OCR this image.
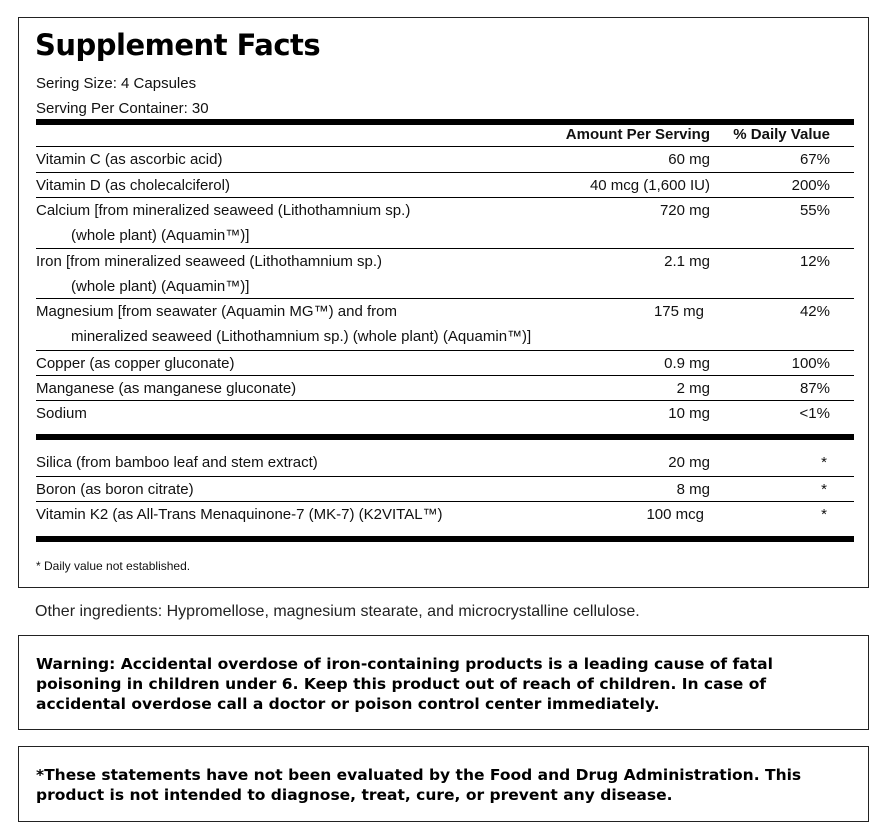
Supplement Facts
Sering Size: 4 Capsules
Serving Per Container: 30
Amount Per Serving % Daily Value
Vitamin C (as ascorbic acid)	60 mg	67%
Vitamin D (as cholecalciferol)	40 mcg (1,600 IU)	200%
Calcium [from mineralized seaweed (Lithothamnium sp.)
(whole plant) (Aquamin™)]
720 mg	55%
Iron [from mineralized seaweed (Lithothamnium sp.)
(whole plant) (Aquamin™)]
2.1 mg	12%
Magnesium [from seawater (Aquamin MG™) and from
mineralized seaweed (Lithothamnium sp.) (whole plant) (Aquamin™)]
175 mg	42%
Copper (as copper gluconate)	0.9 mg	100%
Manganese (as manganese gluconate)	2 mg	87%
Sodium	10 mg	<1%
Silica (from bamboo leaf and stem extract)	20 mg	*
Boron (as boron citrate)	8 mg	*
Vitamin K2 (as All-Trans Menaquinone-7 (MK-7) (K2VITAL™)	100 mcg	*
* Daily value not established.
Other ingredients: Hypromellose, magnesium stearate, and microcrystalline cellulose.

Warning: Accidental overdose of iron-containing products is a leading cause of fatal poisoning in children under 6. Keep this product out of reach of children. In case of accidental overdose call a doctor or poison control center immediately.

*These statements have not been evaluated by the Food and Drug Administration. This product is not intended to diagnose, treat, cure, or prevent any disease.
